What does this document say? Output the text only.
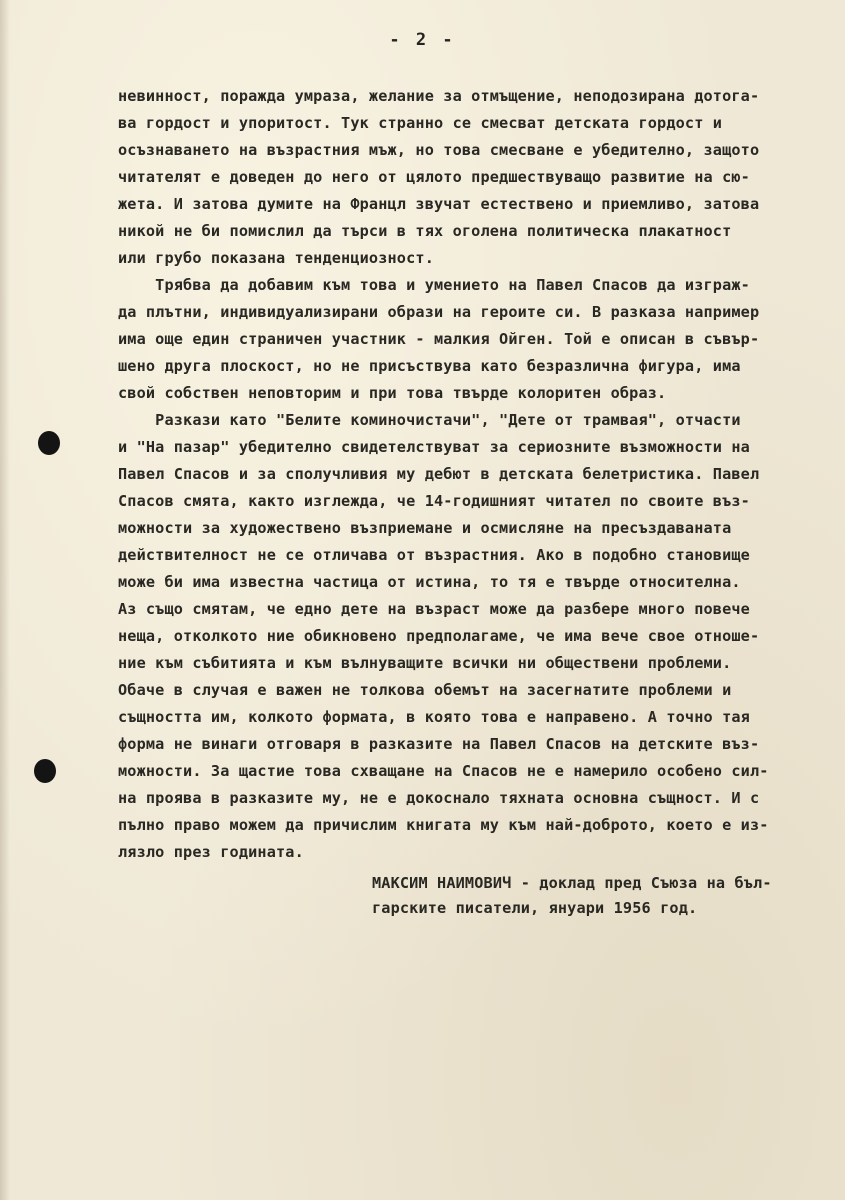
- 2 -
невинност, поражда умраза, желание за отмъщение, неподозирана дотога-
ва гордост и упоритост. Тук странно се смесват детската гордост и
осъзнаването на възрастния мъж, но това смесване е убедително, защото
читателят е доведен до него от цялото предшествуващо развитие на сю-
жета. И затова думите на Францл звучат естествено и приемливо, затова
никой не би помислил да търси в тях оголена политическа плакатност
или грубо показана тенденциозност.
Трябва да добавим към това и умението на Павел Спасов да изграж-
да плътни, индивидуализирани образи на героите си. В разказа например
има още един страничен участник - малкия Ойген. Той е описан в съвър-
шено друга плоскост, но не присъствува като безразлична фигура, има
свой собствен неповторим и при това твърде колоритен образ.
Разкази като "Белите коминочистачи", "Дете от трамвая", отчасти
и "На пазар" убедително свидетелствуват за сериозните възможности на
Павел Спасов и за сполучливия му дебют в детската белетристика. Павел
Спасов смята, както изглежда, че 14-годишният читател по своите въз-
можности за художествено възприемане и осмисляне на пресъздаваната
действителност не се отличава от възрастния. Ако в подобно становище
може би има известна частица от истина, то тя е твърде относителна.
Аз също смятам, че едно дете на възраст може да разбере много повече
неща, отколкото ние обикновено предполагаме, че има вече свое отноше-
ние към събитията и към вълнуващите всички ни обществени проблеми.
Обаче в случая е важен не толкова обемът на засегнатите проблеми и
същността им, колкото формата, в която това е направено. А точно тая
форма не винаги отговаря в разказите на Павел Спасов на детските въз-
можности. За щастие това схващане на Спасов не е намерило особено сил-
на проява в разказите му, не е докоснало тяхната основна същност. И с
пълно право можем да причислим книгата му към най-доброто, което е из-
лязло през годината.
МАКСИМ НАИМОВИЧ - доклад пред Съюза на бъл-
гарските писатели, януари 1956 год.
